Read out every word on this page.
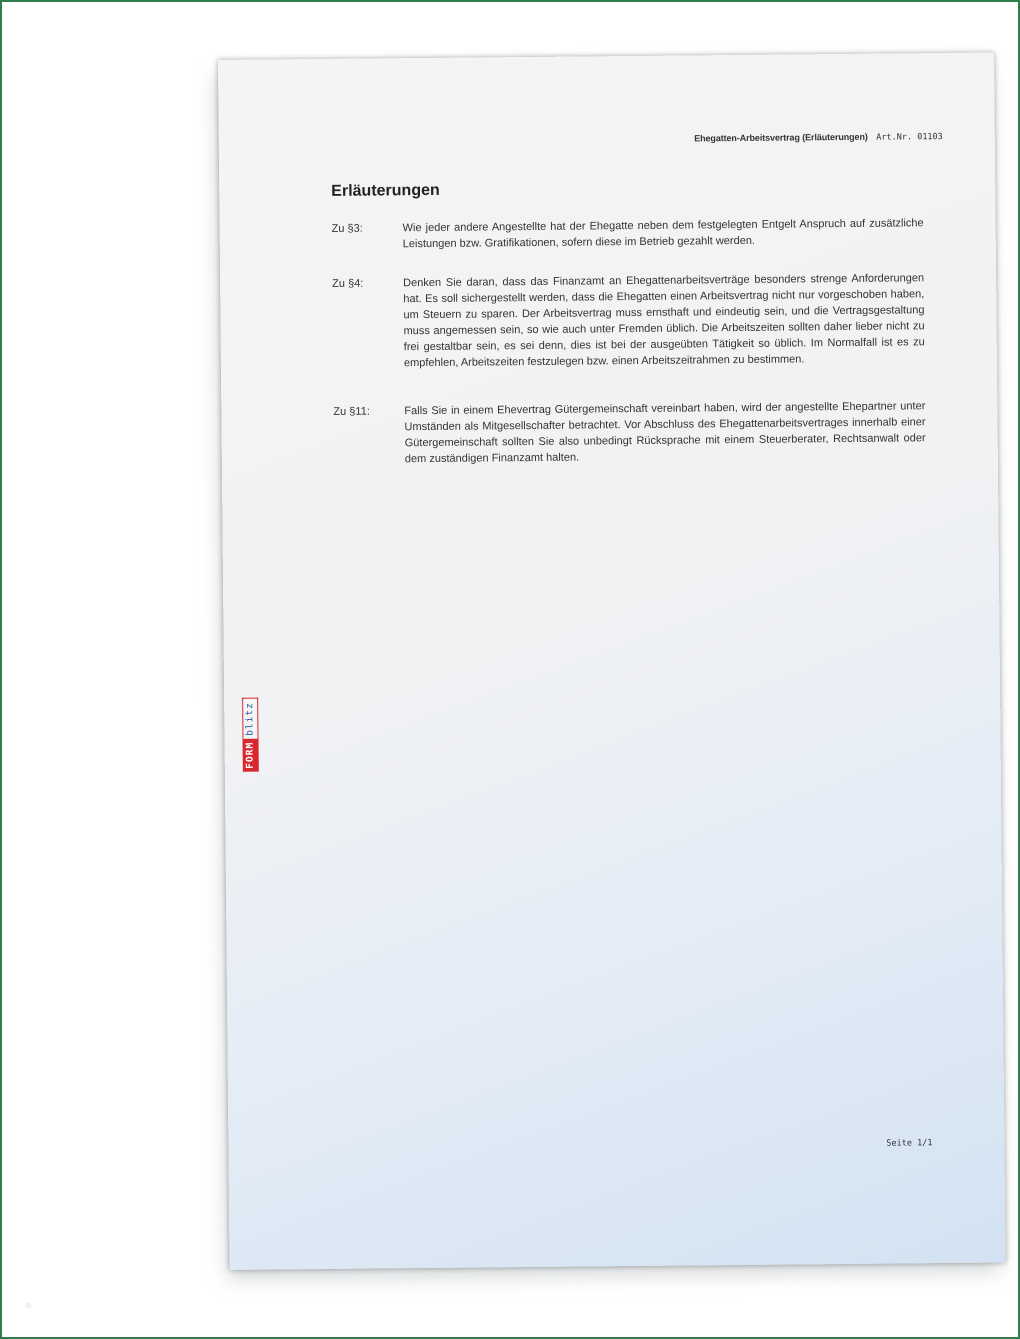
Ehegatten-Arbeitsvertrag (Erläuterungen) Art.Nr. 01103
Erläuterungen
Zu §3:	Wie jeder andere Angestellte hat der Ehegatte neben dem festgelegten Entgelt Anspruch auf zusätzliche Leistungen bzw. Gratifikationen, sofern diese im Betrieb gezahlt werden.
Zu §4:	Denken Sie daran, dass das Finanzamt an Ehegattenarbeitsverträge besonders strenge Anforderungen hat. Es soll sichergestellt werden, dass die Ehegatten einen Arbeitsvertrag nicht nur vorgeschoben haben, um Steuern zu sparen. Der Arbeitsvertrag muss ernsthaft und eindeutig sein, und die Vertragsgestaltung muss angemessen sein, so wie auch unter Fremden üblich. Die Arbeitszeiten sollten daher lieber nicht zu frei gestaltbar sein, es sei denn, dies ist bei der ausgeübten Tätigkeit so üblich. Im Normalfall ist es zu empfehlen, Arbeitszeiten festzulegen bzw. einen Arbeitszeitrahmen zu bestimmen.
Zu §11:	Falls Sie in einem Ehevertrag Gütergemeinschaft vereinbart haben, wird der angestellte Ehepartner unter Umständen als Mitgesellschafter betrachtet. Vor Abschluss des Ehegattenarbeitsvertrages innerhalb einer Gütergemeinschaft sollten Sie also unbedingt Rücksprache mit einem Steuerberater, Rechtsanwalt oder dem zuständigen Finanzamt halten.
FORM
blitz
Seite 1/1
©
